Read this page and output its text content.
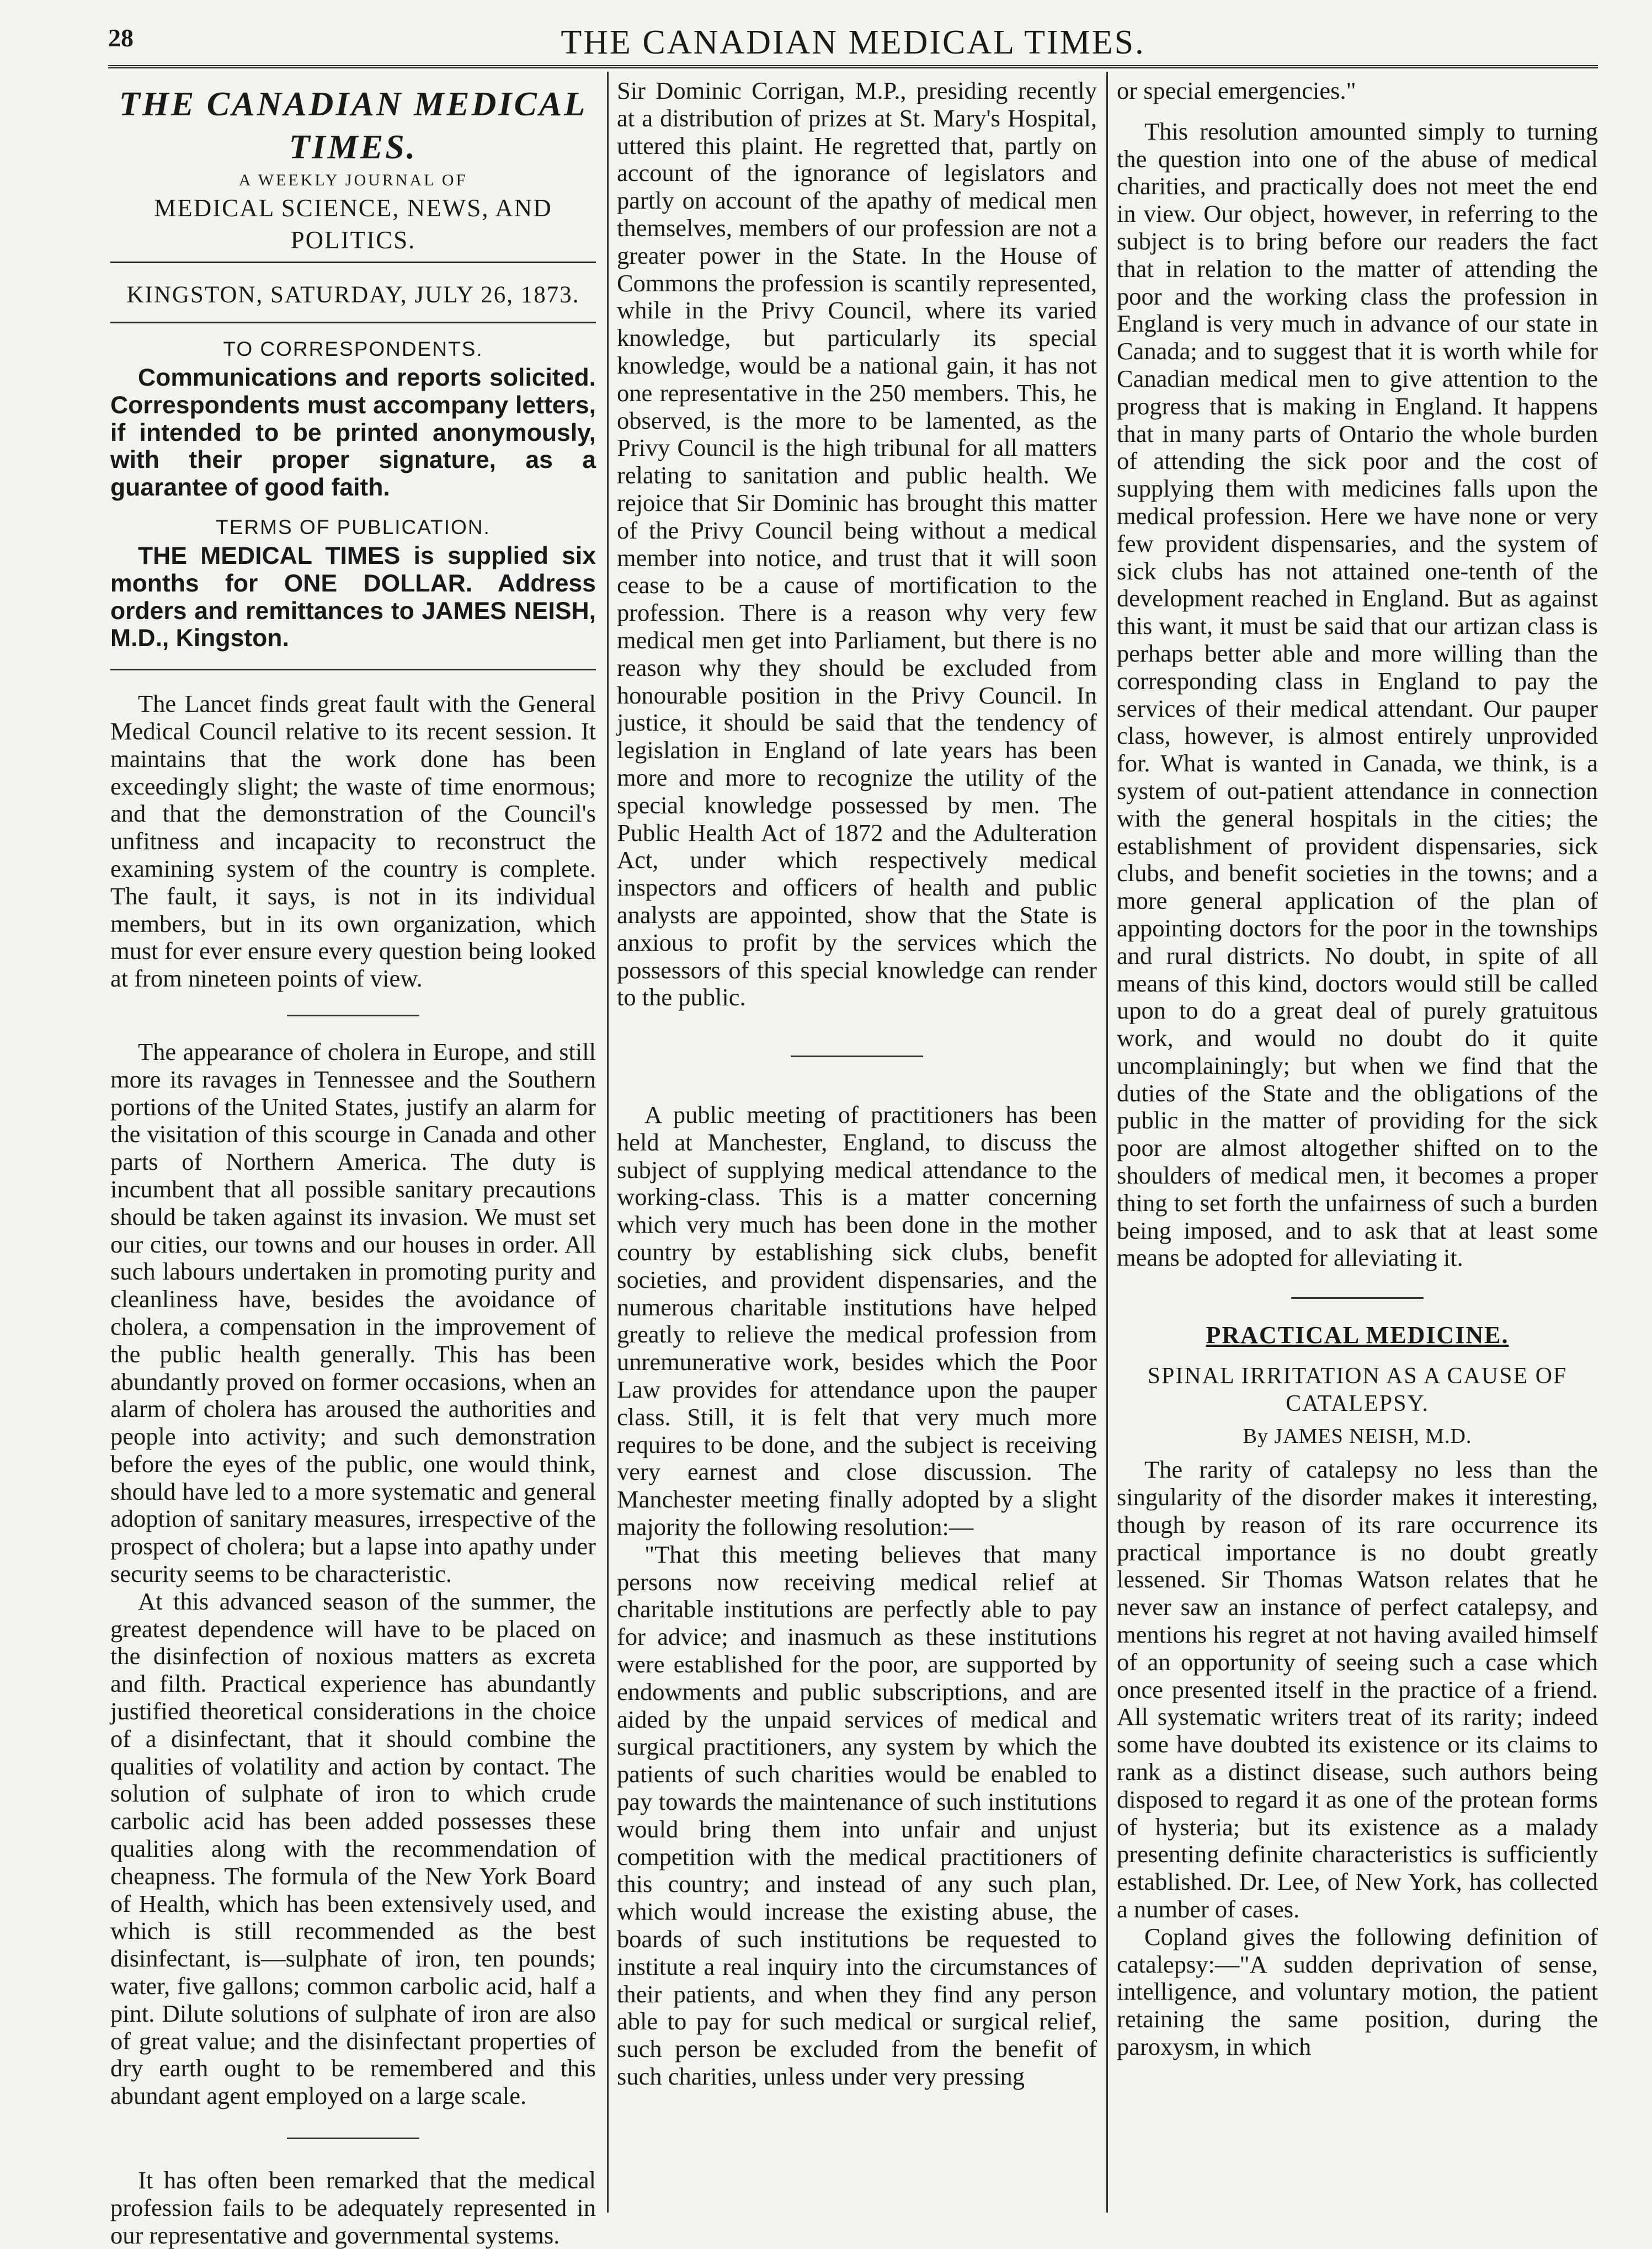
28	THE CANADIAN MEDICAL TIMES.
THE CANADIAN MEDICAL TIMES.
A WEEKLY JOURNAL OF
MEDICAL SCIENCE, NEWS, AND POLITICS.
KINGSTON, SATURDAY, JULY 26, 1873.
TO CORRESPONDENTS.

Communications and reports solicited. Correspondents must accompany letters, if intended to be printed anonymously, with their proper signature, as a guarantee of good faith.

TERMS OF PUBLICATION.

THE MEDICAL TIMES is supplied six months for ONE DOLLAR. Address orders and remittances to JAMES NEISH, M.D., Kingston.

The Lancet finds great fault with the General Medical Council relative to its recent session. It maintains that the work done has been exceedingly slight; the waste of time enormous; and that the demonstration of the Council's unfitness and incapacity to reconstruct the examining system of the country is complete. The fault, it says, is not in its individual members, but in its own organization, which must for ever ensure every question being looked at from nineteen points of view.

The appearance of cholera in Europe, and still more its ravages in Tennessee and the Southern portions of the United States, justify an alarm for the visitation of this scourge in Canada and other parts of Northern America. The duty is incumbent that all possible sanitary precautions should be taken against its invasion. We must set our cities, our towns and our houses in order. All such labours undertaken in promoting purity and cleanliness have, besides the avoidance of cholera, a compensation in the improvement of the public health generally. This has been abundantly proved on former occasions, when an alarm of cholera has aroused the authorities and people into activity; and such demonstration before the eyes of the public, one would think, should have led to a more systematic and general adoption of sanitary measures, irrespective of the prospect of cholera; but a lapse into apathy under security seems to be characteristic.

At this advanced season of the summer, the greatest dependence will have to be placed on the disinfection of noxious matters as excreta and filth. Practical experience has abundantly justified theoretical considerations in the choice of a disinfectant, that it should combine the qualities of volatility and action by contact. The solution of sulphate of iron to which crude carbolic acid has been added possesses these qualities along with the recommendation of cheapness. The formula of the New York Board of Health, which has been extensively used, and which is still recommended as the best disinfectant, is—sulphate of iron, ten pounds; water, five gallons; common carbolic acid, half a pint. Dilute solutions of sulphate of iron are also of great value; and the disinfectant properties of dry earth ought to be remembered and this abundant agent employed on a large scale.

It has often been remarked that the medical profession fails to be adequately represented in our representative and governmental systems.

Sir Dominic Corrigan, M.P., presiding recently at a distribution of prizes at St. Mary's Hospital, uttered this plaint. He regretted that, partly on account of the ignorance of legislators and partly on account of the apathy of medical men themselves, members of our profession are not a greater power in the State. In the House of Commons the profession is scantily represented, while in the Privy Council, where its varied knowledge, but particularly its special knowledge, would be a national gain, it has not one representative in the 250 members. This, he observed, is the more to be lamented, as the Privy Council is the high tribunal for all matters relating to sanitation and public health. We rejoice that Sir Dominic has brought this matter of the Privy Council being without a medical member into notice, and trust that it will soon cease to be a cause of mortification to the profession. There is a reason why very few medical men get into Parliament, but there is no reason why they should be excluded from honourable position in the Privy Council. In justice, it should be said that the tendency of legislation in England of late years has been more and more to recognize the utility of the special knowledge possessed by men. The Public Health Act of 1872 and the Adulteration Act, under which respectively medical inspectors and officers of health and public analysts are appointed, show that the State is anxious to profit by the services which the possessors of this special knowledge can render to the public.

A public meeting of practitioners has been held at Manchester, England, to discuss the subject of supplying medical attendance to the working-class. This is a matter concerning which very much has been done in the mother country by establishing sick clubs, benefit societies, and provident dispensaries, and the numerous charitable institutions have helped greatly to relieve the medical profession from unremunerative work, besides which the Poor Law provides for attendance upon the pauper class. Still, it is felt that very much more requires to be done, and the subject is receiving very earnest and close discussion. The Manchester meeting finally adopted by a slight majority the following resolution:—

"That this meeting believes that many persons now receiving medical relief at charitable institutions are perfectly able to pay for advice; and inasmuch as these institutions were established for the poor, are supported by endowments and public subscriptions, and are aided by the unpaid services of medical and surgical practitioners, any system by which the patients of such charities would be enabled to pay towards the maintenance of such institutions would bring them into unfair and unjust competition with the medical practitioners of this country; and instead of any such plan, which would increase the existing abuse, the boards of such institutions be requested to institute a real inquiry into the circumstances of their patients, and when they find any person able to pay for such medical or surgical relief, such person be excluded from the benefit of such charities, unless under very pressing

or special emergencies."

This resolution amounted simply to turning the question into one of the abuse of medical charities, and practically does not meet the end in view. Our object, however, in referring to the subject is to bring before our readers the fact that in relation to the matter of attending the poor and the working class the profession in England is very much in advance of our state in Canada; and to suggest that it is worth while for Canadian medical men to give attention to the progress that is making in England. It happens that in many parts of Ontario the whole burden of attending the sick poor and the cost of supplying them with medicines falls upon the medical profession. Here we have none or very few provident dispensaries, and the system of sick clubs has not attained one-tenth of the development reached in England. But as against this want, it must be said that our artizan class is perhaps better able and more willing than the corresponding class in England to pay the services of their medical attendant. Our pauper class, however, is almost entirely unprovided for. What is wanted in Canada, we think, is a system of out-patient attendance in connection with the general hospitals in the cities; the establishment of provident dispensaries, sick clubs, and benefit societies in the towns; and a more general application of the plan of appointing doctors for the poor in the townships and rural districts. No doubt, in spite of all means of this kind, doctors would still be called upon to do a great deal of purely gratuitous work, and would no doubt do it quite uncomplainingly; but when we find that the duties of the State and the obligations of the public in the matter of providing for the sick poor are almost altogether shifted on to the shoulders of medical men, it becomes a proper thing to set forth the unfairness of such a burden being imposed, and to ask that at least some means be adopted for alleviating it.

PRACTICAL MEDICINE.
SPINAL IRRITATION AS A CAUSE OF CATALEPSY.
By JAMES NEISH, M.D.

The rarity of catalepsy no less than the singularity of the disorder makes it interesting, though by reason of its rare occurrence its practical importance is no doubt greatly lessened. Sir Thomas Watson relates that he never saw an instance of perfect catalepsy, and mentions his regret at not having availed himself of an opportunity of seeing such a case which once presented itself in the practice of a friend. All systematic writers treat of its rarity; indeed some have doubted its existence or its claims to rank as a distinct disease, such authors being disposed to regard it as one of the protean forms of hysteria; but its existence as a malady presenting definite characteristics is sufficiently established. Dr. Lee, of New York, has collected a number of cases.

Copland gives the following definition of catalepsy:—"A sudden deprivation of sense, intelligence, and voluntary motion, the patient retaining the same position, during the paroxysm, in which
